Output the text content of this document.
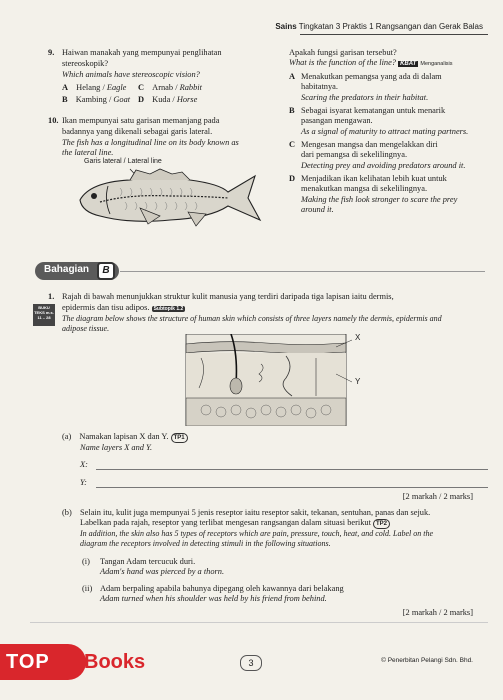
Sains Tingkatan 3 Praktis 1 Rangsangan dan Gerak Balas
9. Haiwan manakah yang mempunyai penglihatan
stereoskopik?
Which animals have stereoscopic vision?
A Helang / Eagle	C Arnab / Rabbit
B Kambing / Goat D Kuda / Horse
10. Ikan mempunyai satu garisan memanjang pada
badannya yang dikenali sebagai garis lateral.
The fish has a longitudinal line on its body known as
the lateral line.
Garis lateral / Lateral line
Apakah fungsi garisan tersebut?
What is the function of the line? KBAT Menganalisis
A Menakutkan pemangsa yang ada di dalam
habitatnya.
Scaring the predators in their habitat.
B Sebagai isyarat kematangan untuk menarik
pasangan mengawan.
As a signal of maturity to attract mating partners.
C Mengesan mangsa dan mengelakkan diri
dari pemangsa di sekelilingnya.
Detecting prey and avoiding predators around it.
D Menjadikan ikan kelihatan lebih kuat untuk
menakutkan mangsa di sekelilingnya.
Making the fish look stronger to scare the prey
around it.
Bahagian	B
BUKU TEKS m.s. 11 – 28
1. Rajah di bawah menunjukkan struktur kulit manusia yang terdiri daripada tiga lapisan iaitu dermis,
epidermis dan tisu adipos. Subtopik 1.2
The diagram below shows the structure of human skin which consists of three layers namely the dermis, epidermis and
adipose tissue.
X
Y
(a) Namakan lapisan X dan Y. TP1
Name layers X and Y.
X:
Y:
[2 markah / 2 marks]
(b) Selain itu, kulit juga mempunyai 5 jenis reseptor iaitu reseptor sakit, tekanan, sentuhan, panas dan sejuk.
Labelkan pada rajah, reseptor yang terlibat mengesan rangsangan dalam situasi berikut TP2
In addition, the skin also has 5 types of receptors which are pain, pressure, touch, heat, and cold. Label on the
diagram the receptors involved in detecting stimuli in the following situations.
(i) Tangan Adam tercucuk duri.
Adam's hand was pierced by a thorn.
(ii) Adam berpaling apabila bahunya dipegang oleh kawannya dari belakang
Adam turned when his shoulder was held by his friend from behind.
[2 markah / 2 marks]
TOP Books	3	© Penerbitan Pelangi Sdn. Bhd.
